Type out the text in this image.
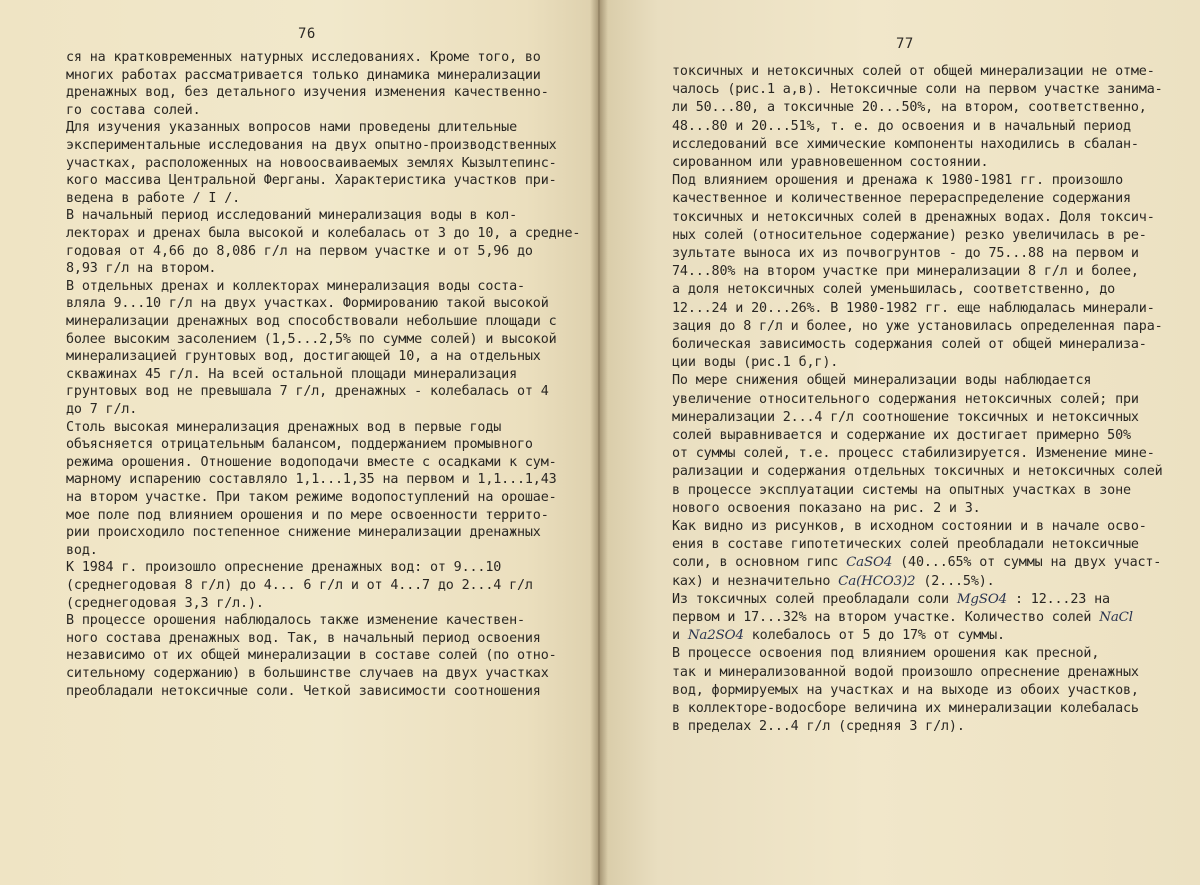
76
ся на кратковременных натурных исследованиях. Кроме того, во
многих работах рассматривается только динамика минерализации
дренажных вод, без детального изучения изменения качественно-
го состава солей.
Для изучения указанных вопросов нами проведены длительные
экспериментальные исследования на двух опытно-производственных
участках, расположенных на новоосваиваемых землях Кызылтепинс-
кого массива Центральной Ферганы. Характеристика участков при-
ведена в работе / I /.
В начальный период исследований минерализация воды в кол-
лекторах и дренах была высокой и колебалась от 3 до 10, а средне-
годовая от 4,66 до 8,086 г/л на первом участке и от 5,96 до
8,93 г/л на втором.
В отдельных дренах и коллекторах минерализация воды соста-
вляла 9...10 г/л на двух участках. Формированию такой высокой
минерализации дренажных вод способствовали небольшие площади с
более высоким засолением (1,5...2,5% по сумме солей) и высокой
минерализацией грунтовых вод, достигающей 10, а на отдельных
скважинах 45 г/л. На всей остальной площади минерализация
грунтовых вод не превышала 7 г/л, дренажных - колебалась от 4
до 7 г/л.
Столь высокая минерализация дренажных вод в первые годы
объясняется отрицательным балансом, поддержанием промывного
режима орошения. Отношение водоподачи вместе с осадками к сум-
марному испарению составляло 1,1...1,35 на первом и 1,1...1,43
на втором участке. При таком режиме водопоступлений на орошае-
мое поле под влиянием орошения и по мере освоенности террито-
рии происходило постепенное снижение минерализации дренажных
вод.
К 1984 г. произошло опреснение дренажных вод: от 9...10
(среднегодовая 8 г/л) до 4... 6 г/л и от 4...7 до 2...4 г/л
(среднегодовая 3,3 г/л.).
В процессе орошения наблюдалось также изменение качествен-
ного состава дренажных вод. Так, в начальный период освоения
независимо от их общей минерализации в составе солей (по отно-
сительному содержанию) в большинстве случаев на двух участках
преобладали нетоксичные соли. Четкой зависимости соотношения
77
токсичных и нетоксичных солей от общей минерализации не отме-
чалось (рис.1 а,в). Нетоксичные соли на первом участке занима-
ли 50...80, а токсичные 20...50%, на втором, соответственно,
48...80 и 20...51%, т. е. до освоения и в начальный период
исследований все химические компоненты находились в сбалан-
сированном или уравновешенном состоянии.
Под влиянием орошения и дренажа к 1980-1981 гг. произошло
качественное и количественное перераспределение содержания
токсичных и нетоксичных солей в дренажных водах. Доля токсич-
ных солей (относительное содержание) резко увеличилась в ре-
зультате выноса их из почвогрунтов - до 75...88 на первом и
74...80% на втором участке при минерализации 8 г/л и более,
а доля нетоксичных солей уменьшилась, соответственно, до
12...24 и 20...26%. В 1980-1982 гг. еще наблюдалась минерали-
зация до 8 г/л и более, но уже установилась определенная пара-
болическая зависимость содержания солей от общей минерализа-
ции воды (рис.1 б,г).
По мере снижения общей минерализации воды наблюдается
увеличение относительного содержания нетоксичных солей; при
минерализации 2...4 г/л соотношение токсичных и нетоксичных
солей выравнивается и содержание их достигает примерно 50%
от суммы солей, т.е. процесс стабилизируется. Изменение мине-
рализации и содержания отдельных токсичных и нетоксичных солей
в процессе эксплуатации системы на опытных участках в зоне
нового освоения показано на рис. 2 и 3.
Как видно из рисунков, в исходном состоянии и в начале осво-
ения в составе гипотетических солей преобладали нетоксичные
соли, в основном гипс CaSO4 (40...65% от суммы на двух участ-
ках) и незначительно Ca(HCO3)2 (2...5%).
Из токсичных солей преобладали соли MgSO4 : 12...23 на
первом и 17...32% на втором участке. Количество солей NaCl
и Na2SO4 колебалось от 5 до 17% от суммы.
В процессе освоения под влиянием орошения как пресной,
так и минерализованной водой произошло опреснение дренажных
вод, формируемых на участках и на выходе из обоих участков,
в коллекторе-водосборе величина их минерализации колебалась
в пределах 2...4 г/л (средняя 3 г/л).
